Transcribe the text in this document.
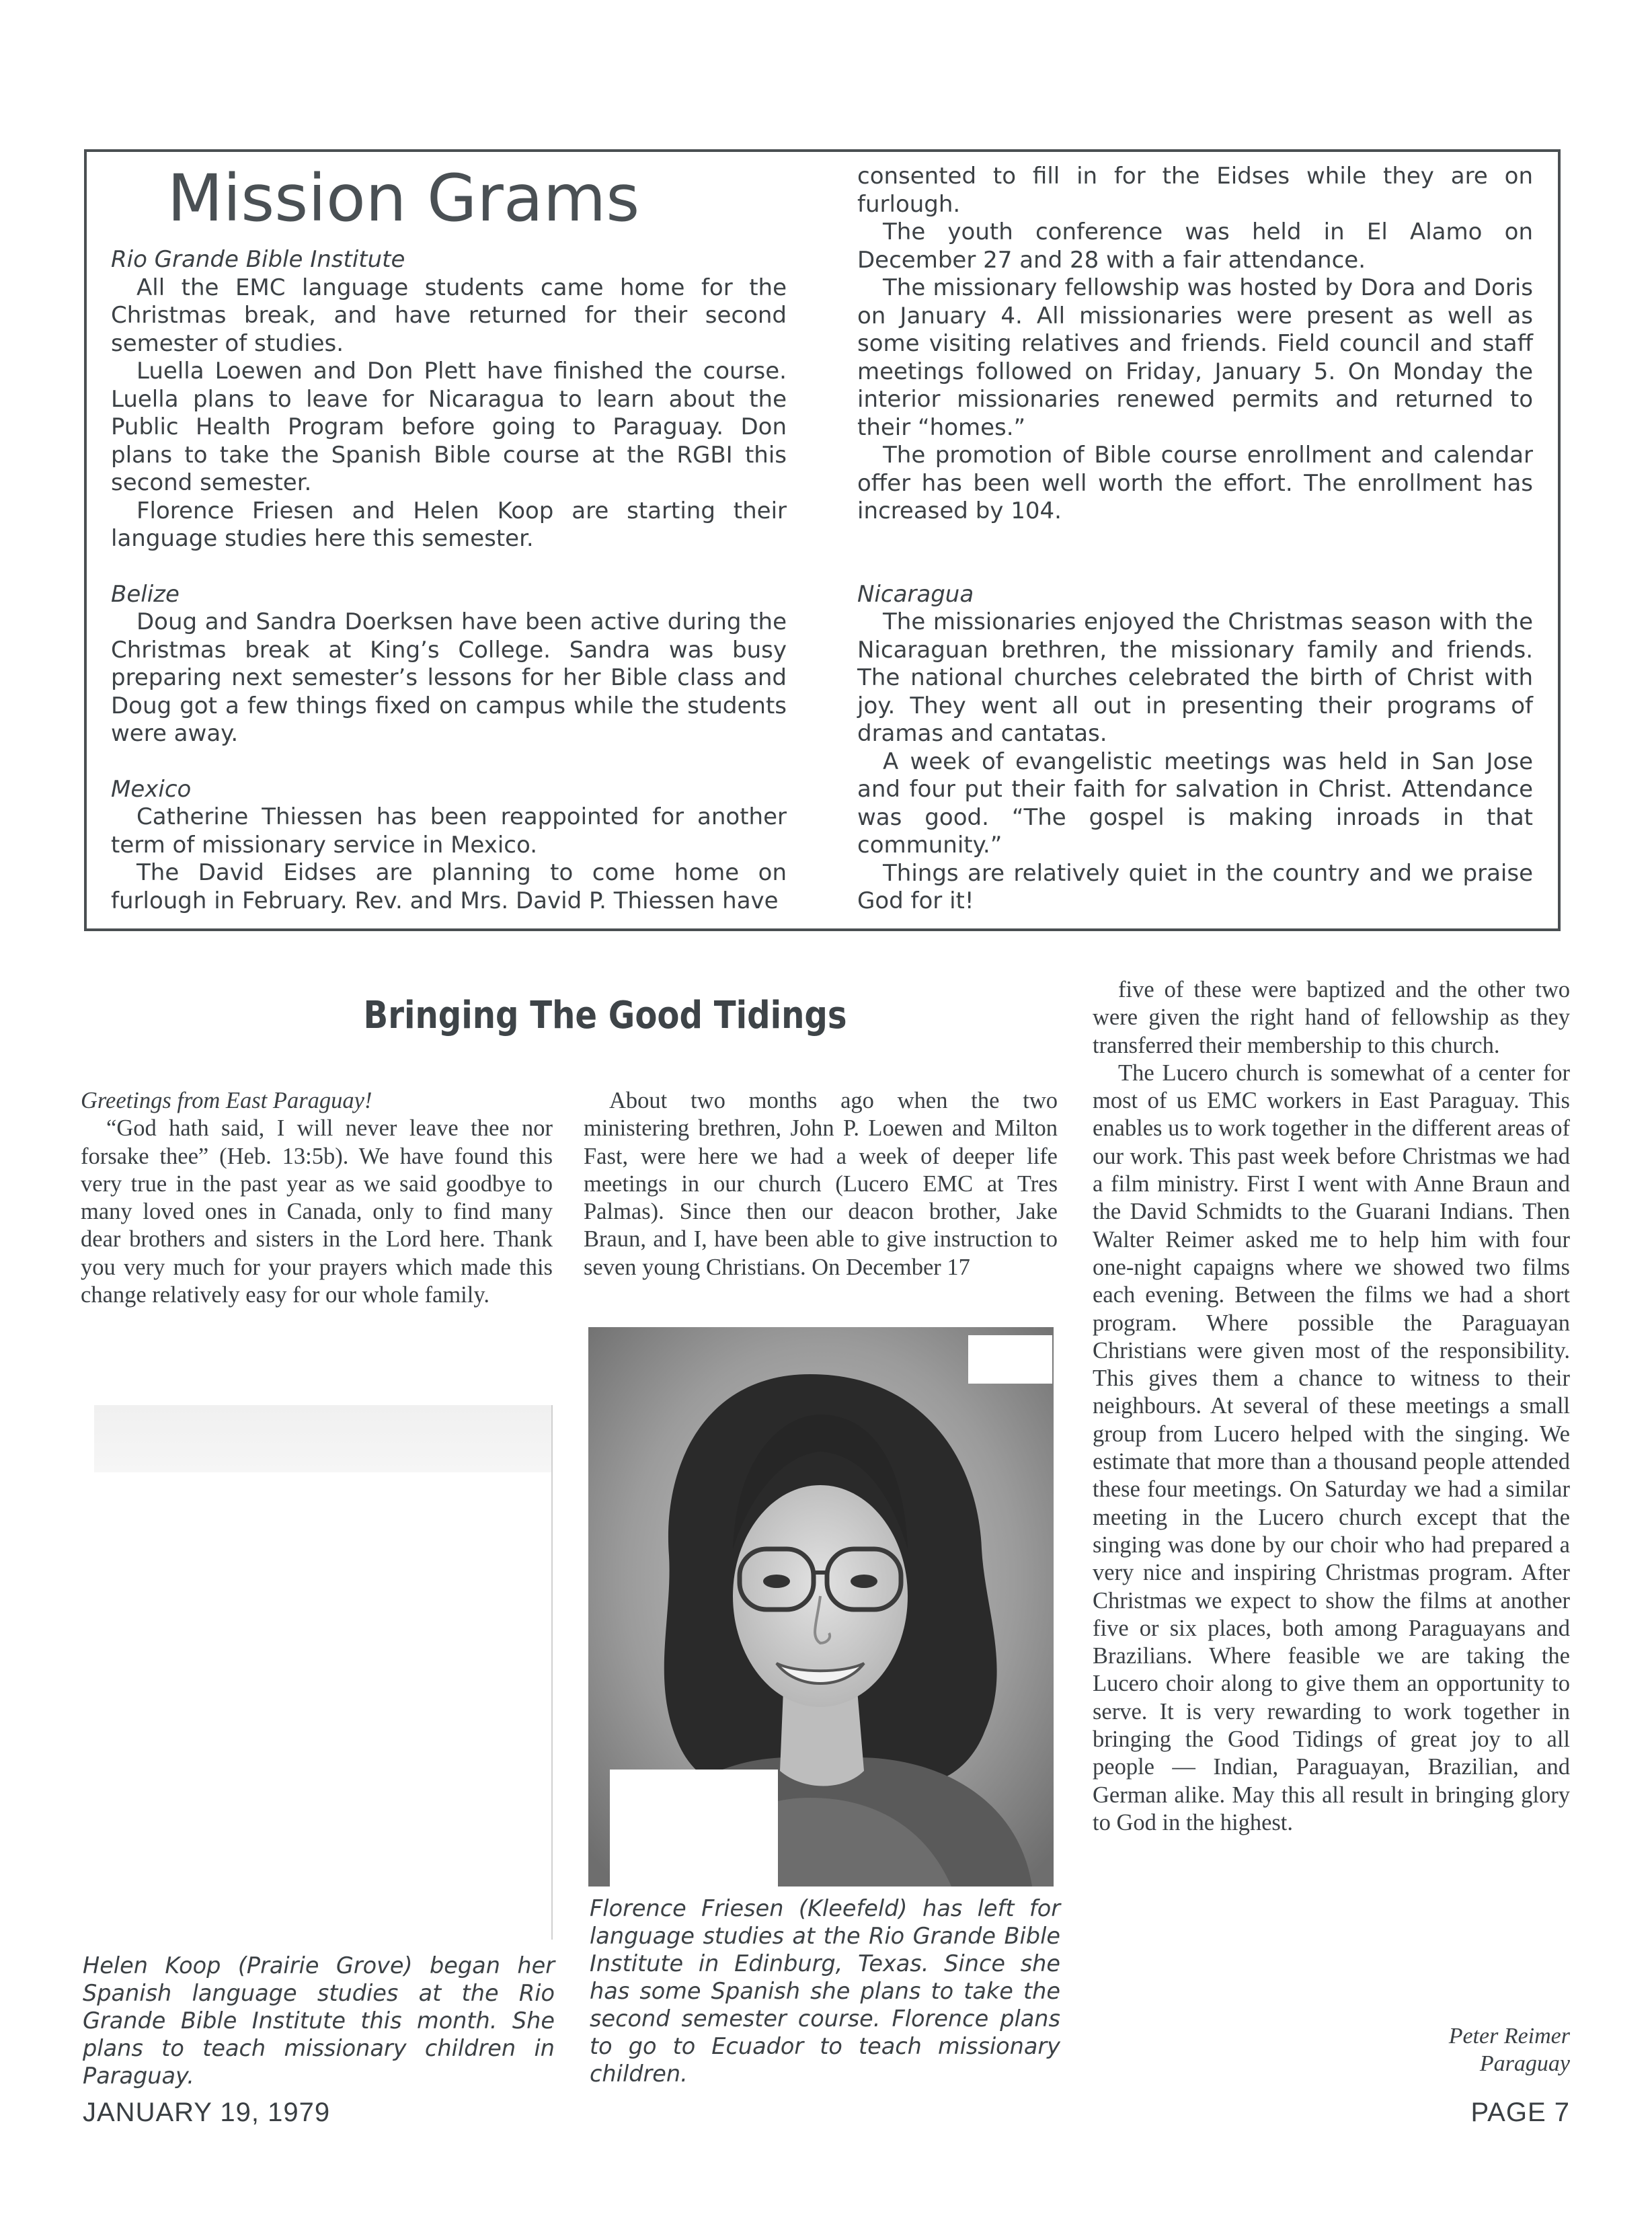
Mission Grams

Rio Grande Bible Institute

All the EMC language students came home for the Christmas break, and have returned for their second semester of studies.

Luella Loewen and Don Plett have finished the course. Luella plans to leave for Nicaragua to learn about the Public Health Program before going to Paraguay. Don plans to take the Spanish Bible course at the RGBI this second semester.

Florence Friesen and Helen Koop are starting their language studies here this semester.

Belize

Doug and Sandra Doerksen have been active during the Christmas break at King’s College. Sandra was busy preparing next semester’s lessons for her Bible class and Doug got a few things fixed on campus while the students were away.

Mexico

Catherine Thiessen has been reappointed for another term of missionary service in Mexico.

The David Eidses are planning to come home on furlough in February. Rev. and Mrs. David P. Thiessen have

consented to fill in for the Eidses while they are on furlough.

The youth conference was held in El Alamo on December 27 and 28 with a fair attendance.

The missionary fellowship was hosted by Dora and Doris on January 4. All missionaries were present as well as some visiting relatives and friends. Field council and staff meetings followed on Friday, January 5. On Monday the interior missionaries renewed permits and returned to their “homes.”

The promotion of Bible course enrollment and calendar offer has been well worth the effort. The enrollment has increased by 104.

Nicaragua

The missionaries enjoyed the Christmas season with the Nicaraguan brethren, the missionary family and friends. The national churches celebrated the birth of Christ with joy. They went all out in presenting their programs of dramas and cantatas.

A week of evangelistic meetings was held in San Jose and four put their faith for salvation in Christ. Attendance was good. “The gospel is making inroads in that community.”

Things are relatively quiet in the country and we praise God for it!

Bringing The Good Tidings

Greetings from East Paraguay!

“God hath said, I will never leave thee nor forsake thee” (Heb. 13:5b). We have found this very true in the past year as we said goodbye to many loved ones in Canada, only to find many dear brothers and sisters in the Lord here. Thank you very much for your prayers which made this change relatively easy for our whole family.

About two months ago when the two ministering brethren, John P. Loewen and Milton Fast, were here we had a week of deeper life meetings in our church (Lucero EMC at Tres Palmas). Since then our deacon brother, Jake Braun, and I, have been able to give instruction to seven young Christians. On December 17

five of these were baptized and the other two were given the right hand of fellowship as they transferred their membership to this church.

The Lucero church is somewhat of a center for most of us EMC workers in East Paraguay. This enables us to work together in the different areas of our work. This past week before Christmas we had a film ministry. First I went with Anne Braun and the David Schmidts to the Guarani Indians. Then Walter Reimer asked me to help him with four one-night capaigns where we showed two films each evening. Between the films we had a short program. Where possible the Paraguayan Christians were given most of the responsibility. This gives them a chance to witness to their neighbours. At several of these meetings a small group from Lucero helped with the singing. We estimate that more than a thousand people attended these four meetings. On Saturday we had a similar meeting in the Lucero church except that the singing was done by our choir who had prepared a very nice and inspiring Christmas program. After Christmas we expect to show the films at another five or six places, both among Paraguayans and Brazilians. Where feasible we are taking the Lucero choir along to give them an opportunity to serve. It is very rewarding to work together in bringing the Good Tidings of great joy to all people — Indian, Paraguayan, Brazilian, and German alike. May this all result in bringing glory to God in the highest.

Peter Reimer
Paraguay
Helen Koop (Prairie Grove) began her Spanish language studies at the Rio Grande Bible Institute this month. She plans to teach missionary children in Paraguay.
Florence Friesen (Kleefeld) has left for language studies at the Rio Grande Bible Institute in Edinburg, Texas. Since she has some Spanish she plans to take the second semester course. Florence plans to go to Ecuador to teach missionary children.
JANUARY 19, 1979	PAGE 7
